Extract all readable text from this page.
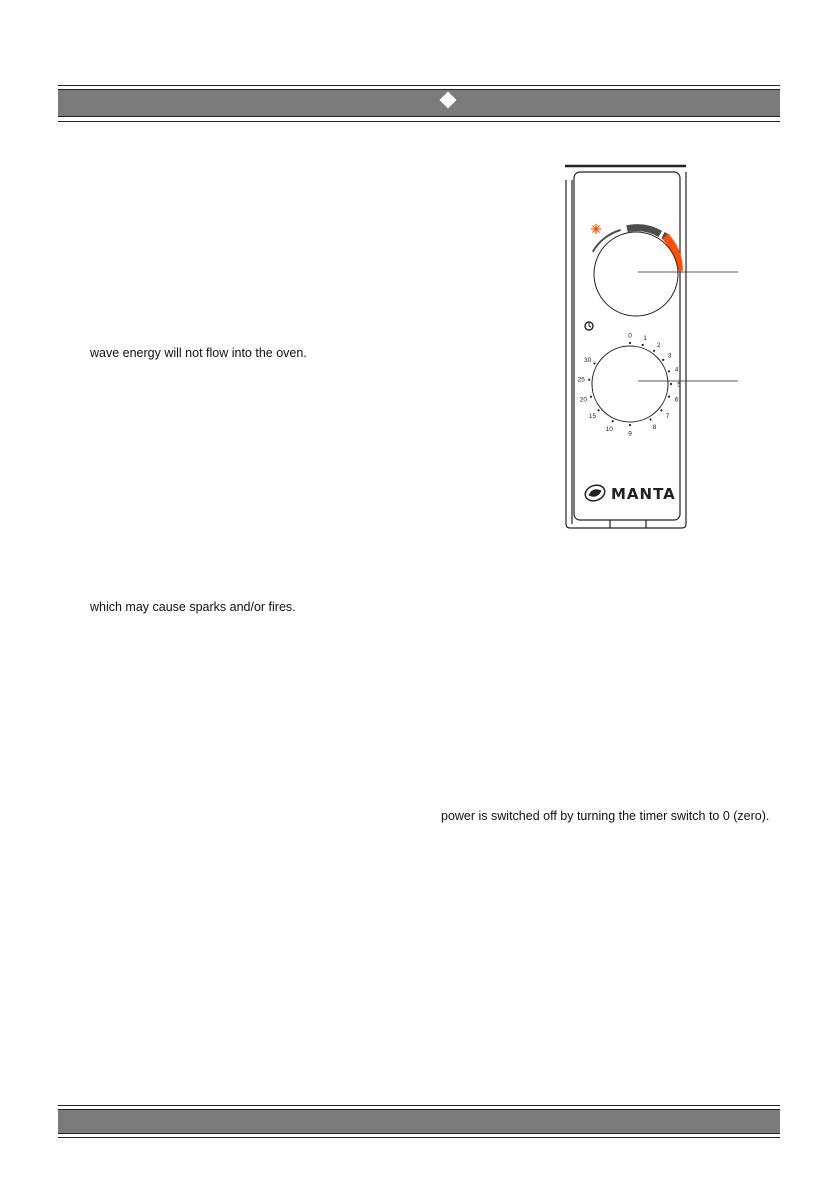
wave energy will not flow into the oven.
which may cause sparks and/or fires.
power is switched off by turning the timer switch to 0 (zero).
0 1
2
3
4
5
6
7
8
9
10
15
20
25
30
MANTA
